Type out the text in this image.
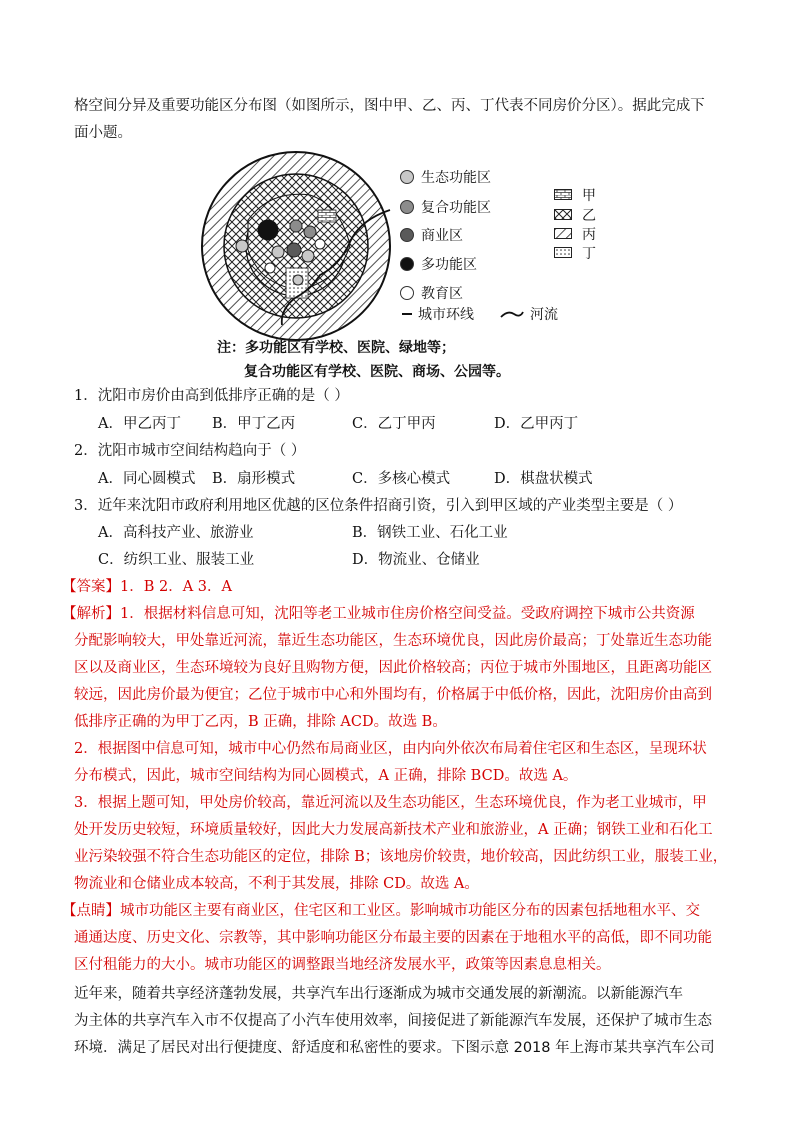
格空间分异及重要功能区分布图（如图所示，图中甲、乙、丙、丁代表不同房价分区）。据此完成下
面小题。
生态功能区
复合功能区
商业区
多功能区
教育区
城市环线	河流
甲
乙
丙
丁
注：多功能区有学校、医院、绿地等；
复合功能区有学校、医院、商场、公园等。
1．沈阳市房价由高到低排序正确的是（ ）
A．甲乙丙丁 B．甲丁乙丙	C．乙丁甲丙	D．乙甲丙丁
2．沈阳市城市空间结构趋向于（ ）
A．同心圆模式 B．扇形模式	C．多核心模式	D．棋盘状模式
3．近年来沈阳市政府利用地区优越的区位条件招商引资，引入到甲区域的产业类型主要是（ ）
A．高科技产业、旅游业	B．钢铁工业、石化工业
C．纺织工业、服装工业	D．物流业、仓储业
【答案】1．B 2．A 3．A
【解析】1．根据材料信息可知，沈阳等老工业城市住房价格空间受益。受政府调控下城市公共资源
分配影响较大，甲处靠近河流，靠近生态功能区，生态环境优良，因此房价最高；丁处靠近生态功能
区以及商业区，生态环境较为良好且购物方便，因此价格较高；丙位于城市外围地区，且距离功能区
较远，因此房价最为便宜；乙位于城市中心和外围均有，价格属于中低价格，因此，沈阳房价由高到
低排序正确的为甲丁乙丙，B 正确，排除 ACD。故选 B。
2．根据图中信息可知，城市中心仍然布局商业区，由内向外依次布局着住宅区和生态区，呈现环状
分布模式，因此，城市空间结构为同心圆模式，A 正确，排除 BCD。故选 A。
3．根据上题可知，甲处房价较高，靠近河流以及生态功能区，生态环境优良，作为老工业城市，甲
处开发历史较短，环境质量较好，因此大力发展高新技术产业和旅游业，A 正确；钢铁工业和石化工
业污染较强不符合生态功能区的定位，排除 B；该地房价较贵，地价较高，因此纺织工业，服装工业，
物流业和仓储业成本较高，不利于其发展，排除 CD。故选 A。
【点睛】城市功能区主要有商业区，住宅区和工业区。影响城市功能区分布的因素包括地租水平、交
通通达度、历史文化、宗教等，其中影响功能区分布最主要的因素在于地租水平的高低，即不同功能
区付租能力的大小。城市功能区的调整跟当地经济发展水平，政策等因素息息相关。
近年来，随着共享经济蓬勃发展，共享汽车出行逐渐成为城市交通发展的新潮流。以新能源汽车
为主体的共享汽车入市不仅提高了小汽车使用效率，间接促进了新能源汽车发展，还保护了城市生态
环境．满足了居民对出行便捷度、舒适度和私密性的要求。下图示意 2018 年上海市某共享汽车公司
